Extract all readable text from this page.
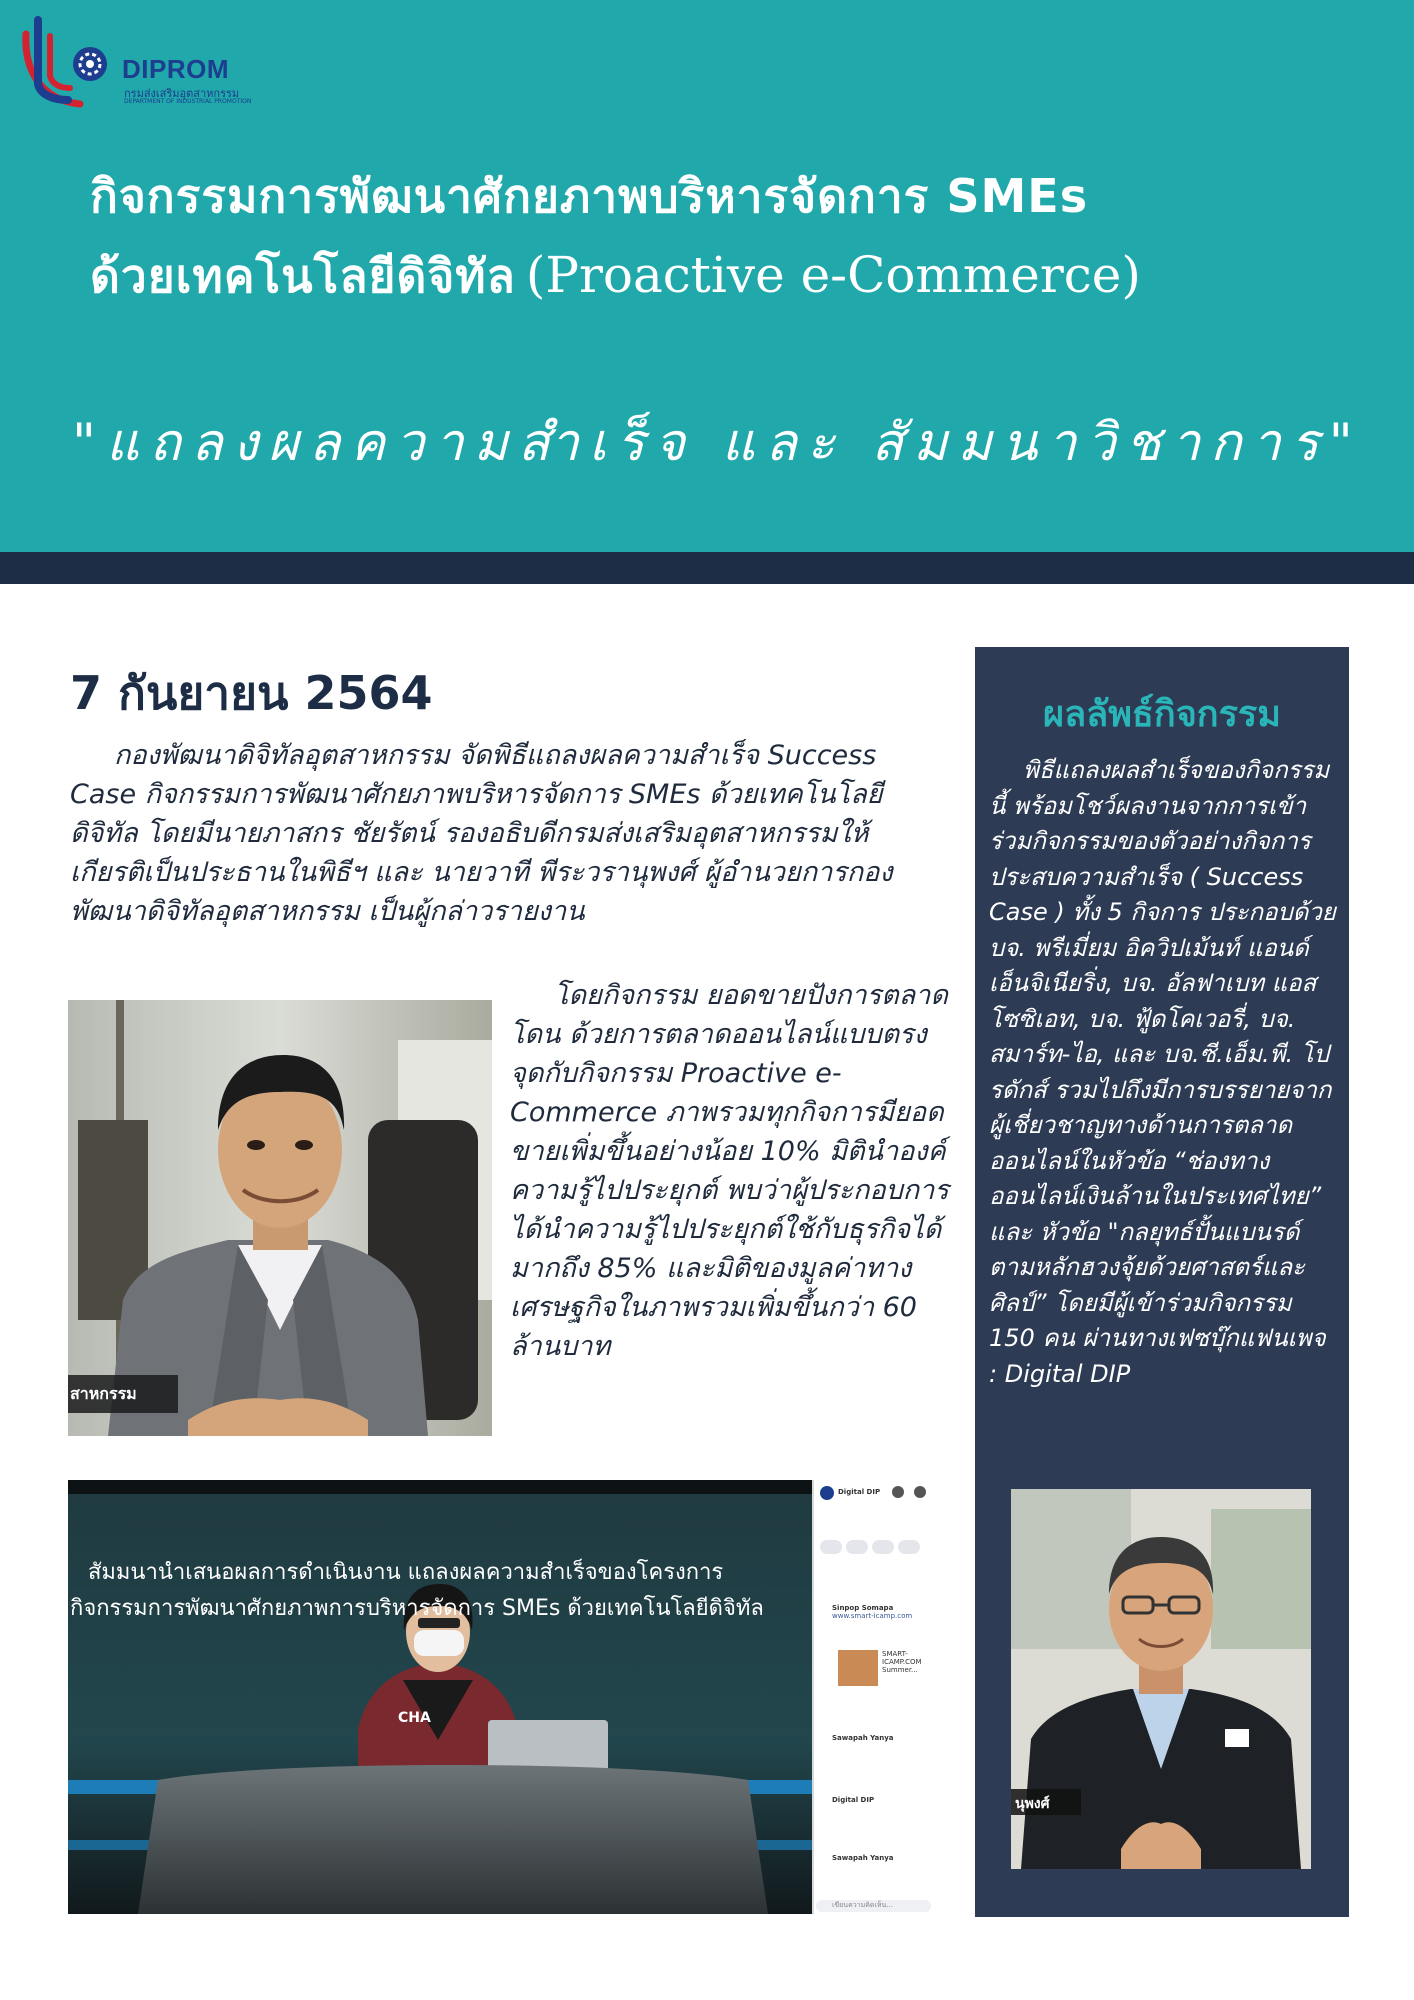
DIPROM
กรมส่งเสริมอุตสาหกรรม
DEPARTMENT OF INDUSTRIAL PROMOTION
กิจกรรมการพัฒนาศักยภาพบริหารจัดการ SMEs
ด้วยเทคโนโลยีดิจิทัล (Proactive e-Commerce)
"แถลงผลความสำเร็จ และ สัมมนาวิชาการ"
7 กันยายน 2564
กองพัฒนาดิจิทัลอุตสาหกรรม จัดพิธีแถลงผลความสำเร็จ Success Case กิจกรรมการพัฒนาศักยภาพบริหารจัดการ SMEs ด้วยเทคโนโลยีดิจิทัล โดยมีนายภาสกร ชัยรัตน์ รองอธิบดีกรมส่งเสริมอุตสาหกรรมให้เกียรติเป็นประธานในพิธีฯ และ นายวาที พีระวรานุพงศ์ ผู้อำนวยการกองพัฒนาดิจิทัลอุตสาหกรรม เป็นผู้กล่าวรายงาน
สาหกรรม
โดยกิจกรรม ยอดขายปังการตลาดโดน ด้วยการตลาดออนไลน์แบบตรงจุดกับกิจกรรม Proactive e-Commerce ภาพรวมทุกกิจการมียอดขายเพิ่มขึ้นอย่างน้อย 10% มิตินำองค์ความรู้ไปประยุกต์ พบว่าผู้ประกอบการได้นำความรู้ไปประยุกต์ใช้กับธุรกิจได้มากถึง 85% และมิติของมูลค่าทางเศรษฐกิจในภาพรวมเพิ่มขึ้นกว่า 60 ล้านบาท
สัมมนานำเสนอผลการดำเนินงาน แถลงผลความสำเร็จของโครงการ
กิจกรรมการพัฒนาศักยภาพการบริหารจัดการ SMEs ด้วยเทคโนโลยีดิจิทัล
CHA
Digital DIP
Sinpop Somapa
www.smart-icamp.com
SMART-ICAMP.COM
Summer...
Sawapah Yanya
Digital DIP
Sawapah Yanya
เขียนความคิดเห็น...
ผลลัพธ์กิจกรรม
พิธีแถลงผลสำเร็จของกิจกรรมนี้ พร้อมโชว์ผลงานจากการเข้าร่วมกิจกรรมของตัวอย่างกิจการประสบความสำเร็จ ( Success Case ) ทั้ง 5 กิจการ ประกอบด้วย บจ. พรีเมี่ยม อิควิปเม้นท์ แอนด์ เอ็นจิเนียริ่ง, บจ. อัลฟาเบท แอสโซซิเอท, บจ. ฟู้ดโคเวอรี่, บจ. สมาร์ท-ไอ, และ บจ.ซี.เอ็ม.พี. โปรดักส์ รวมไปถึงมีการบรรยายจากผู้เชี่ยวชาญทางด้านการตลาดออนไลน์ในหัวข้อ “ช่องทางออนไลน์เงินล้านในประเทศไทย” และ หัวข้อ "กลยุทธ์ปั้นแบนรด์ตามหลักฮวงจุ้ยด้วยศาสตร์และศิลป์” โดยมีผู้เข้าร่วมกิจกรรม 150 คน ผ่านทางเฟซบุ๊กแฟนเพจ : Digital DIP
นุพงศ์
